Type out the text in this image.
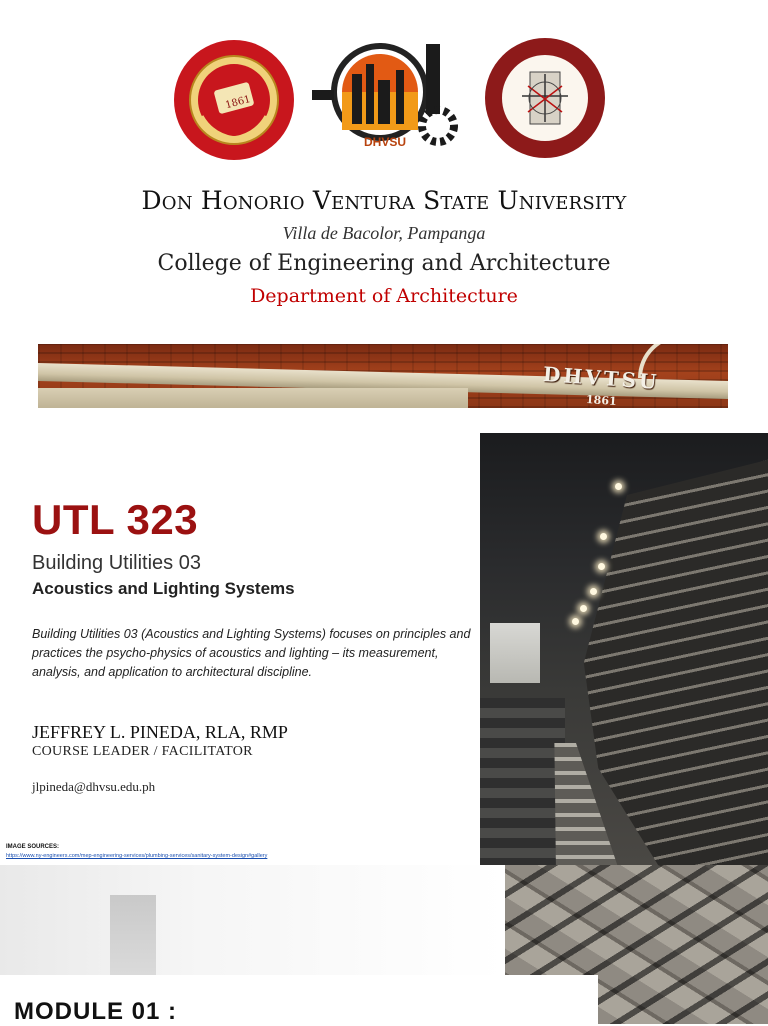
1861
DHVSU
Don Honorio Ventura State University
Villa de Bacolor, Pampanga
College of Engineering and Architecture
Department of Architecture
DHVTSU
1861
UTL 323
Building Utilities 03
Acoustics and Lighting Systems
Building Utilities 03 (Acoustics and Lighting Systems) focuses on principles and practices the psycho-physics of acoustics and lighting – its measurement, analysis, and application to architectural discipline.
JEFFREY L. PINEDA, RLA, RMP
COURSE LEADER / FACILITATOR
jlpineda@dhvsu.edu.ph
IMAGE SOURCES:
https://www.ny-engineers.com/mep-engineering-services/plumbing-services/sanitary-system-design#gallery
MODULE 01 :
